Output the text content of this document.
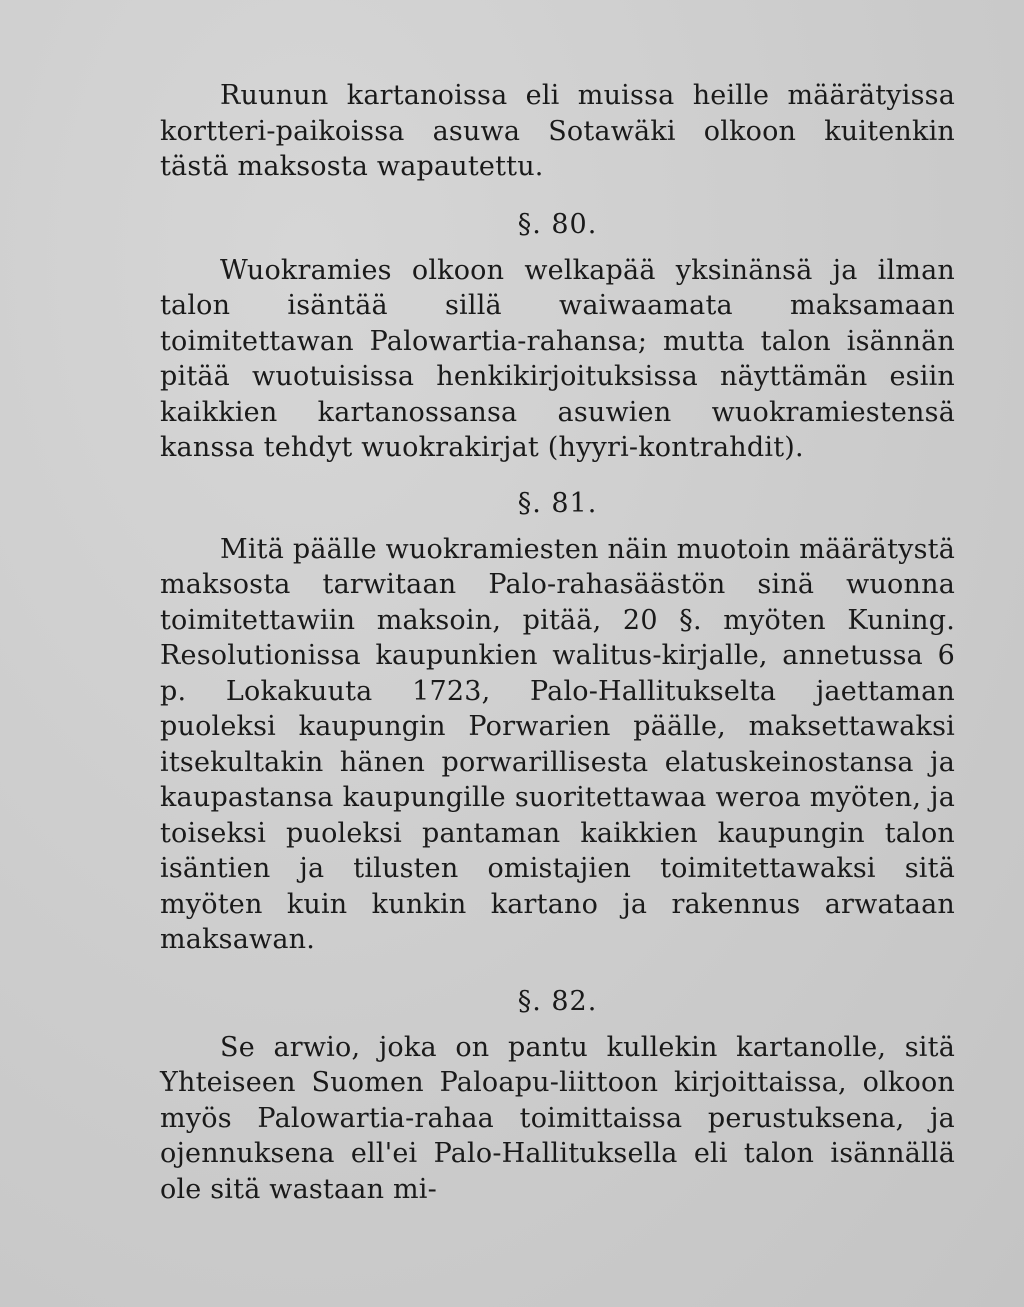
Ruunun kartanoissa eli muissa heille määrätyissa kortteri-paikoissa asuwa Sotawäki olkoon kuitenkin tästä maksosta wapautettu.

§. 80.

Wuokramies olkoon welkapää yksinänsä ja ilman talon isäntää sillä waiwaamata maksamaan toimitettawan Palowartia-rahansa; mutta talon isännän pitää wuotuisissa henkikirjoituksissa näyttämän esiin kaikkien kartanossansa asuwien wuokramiestensä kanssa tehdyt wuokrakirjat (hyyri-kontrahdit).

§. 81.

Mitä päälle wuokramiesten näin muotoin määrätystä maksosta tarwitaan Palo-rahasäästön sinä wuonna toimitettawiin maksoin, pitää, 20 §. myöten Kuning. Resolutionissa kaupunkien walitus-kirjalle, annetussa 6 p. Lokakuuta 1723, Palo-Hallitukselta jaettaman puoleksi kaupungin Porwarien päälle, maksettawaksi itsekultakin hänen porwarillisesta elatuskeinostansa ja kaupastansa kaupungille suoritettawaa weroa myöten, ja toiseksi puoleksi pantaman kaikkien kaupungin talon isäntien ja tilusten omistajien toimitettawaksi sitä myöten kuin kunkin kartano ja rakennus arwataan maksawan.

§. 82.

Se arwio, joka on pantu kullekin kartanolle, sitä Yhteiseen Suomen Paloapu-liittoon kirjoittaissa, olkoon myös Palowartia-rahaa toimittaissa perustuksena, ja ojennuksena ell'ei Palo-Hallituksella eli talon isännällä ole sitä wastaan mi-
